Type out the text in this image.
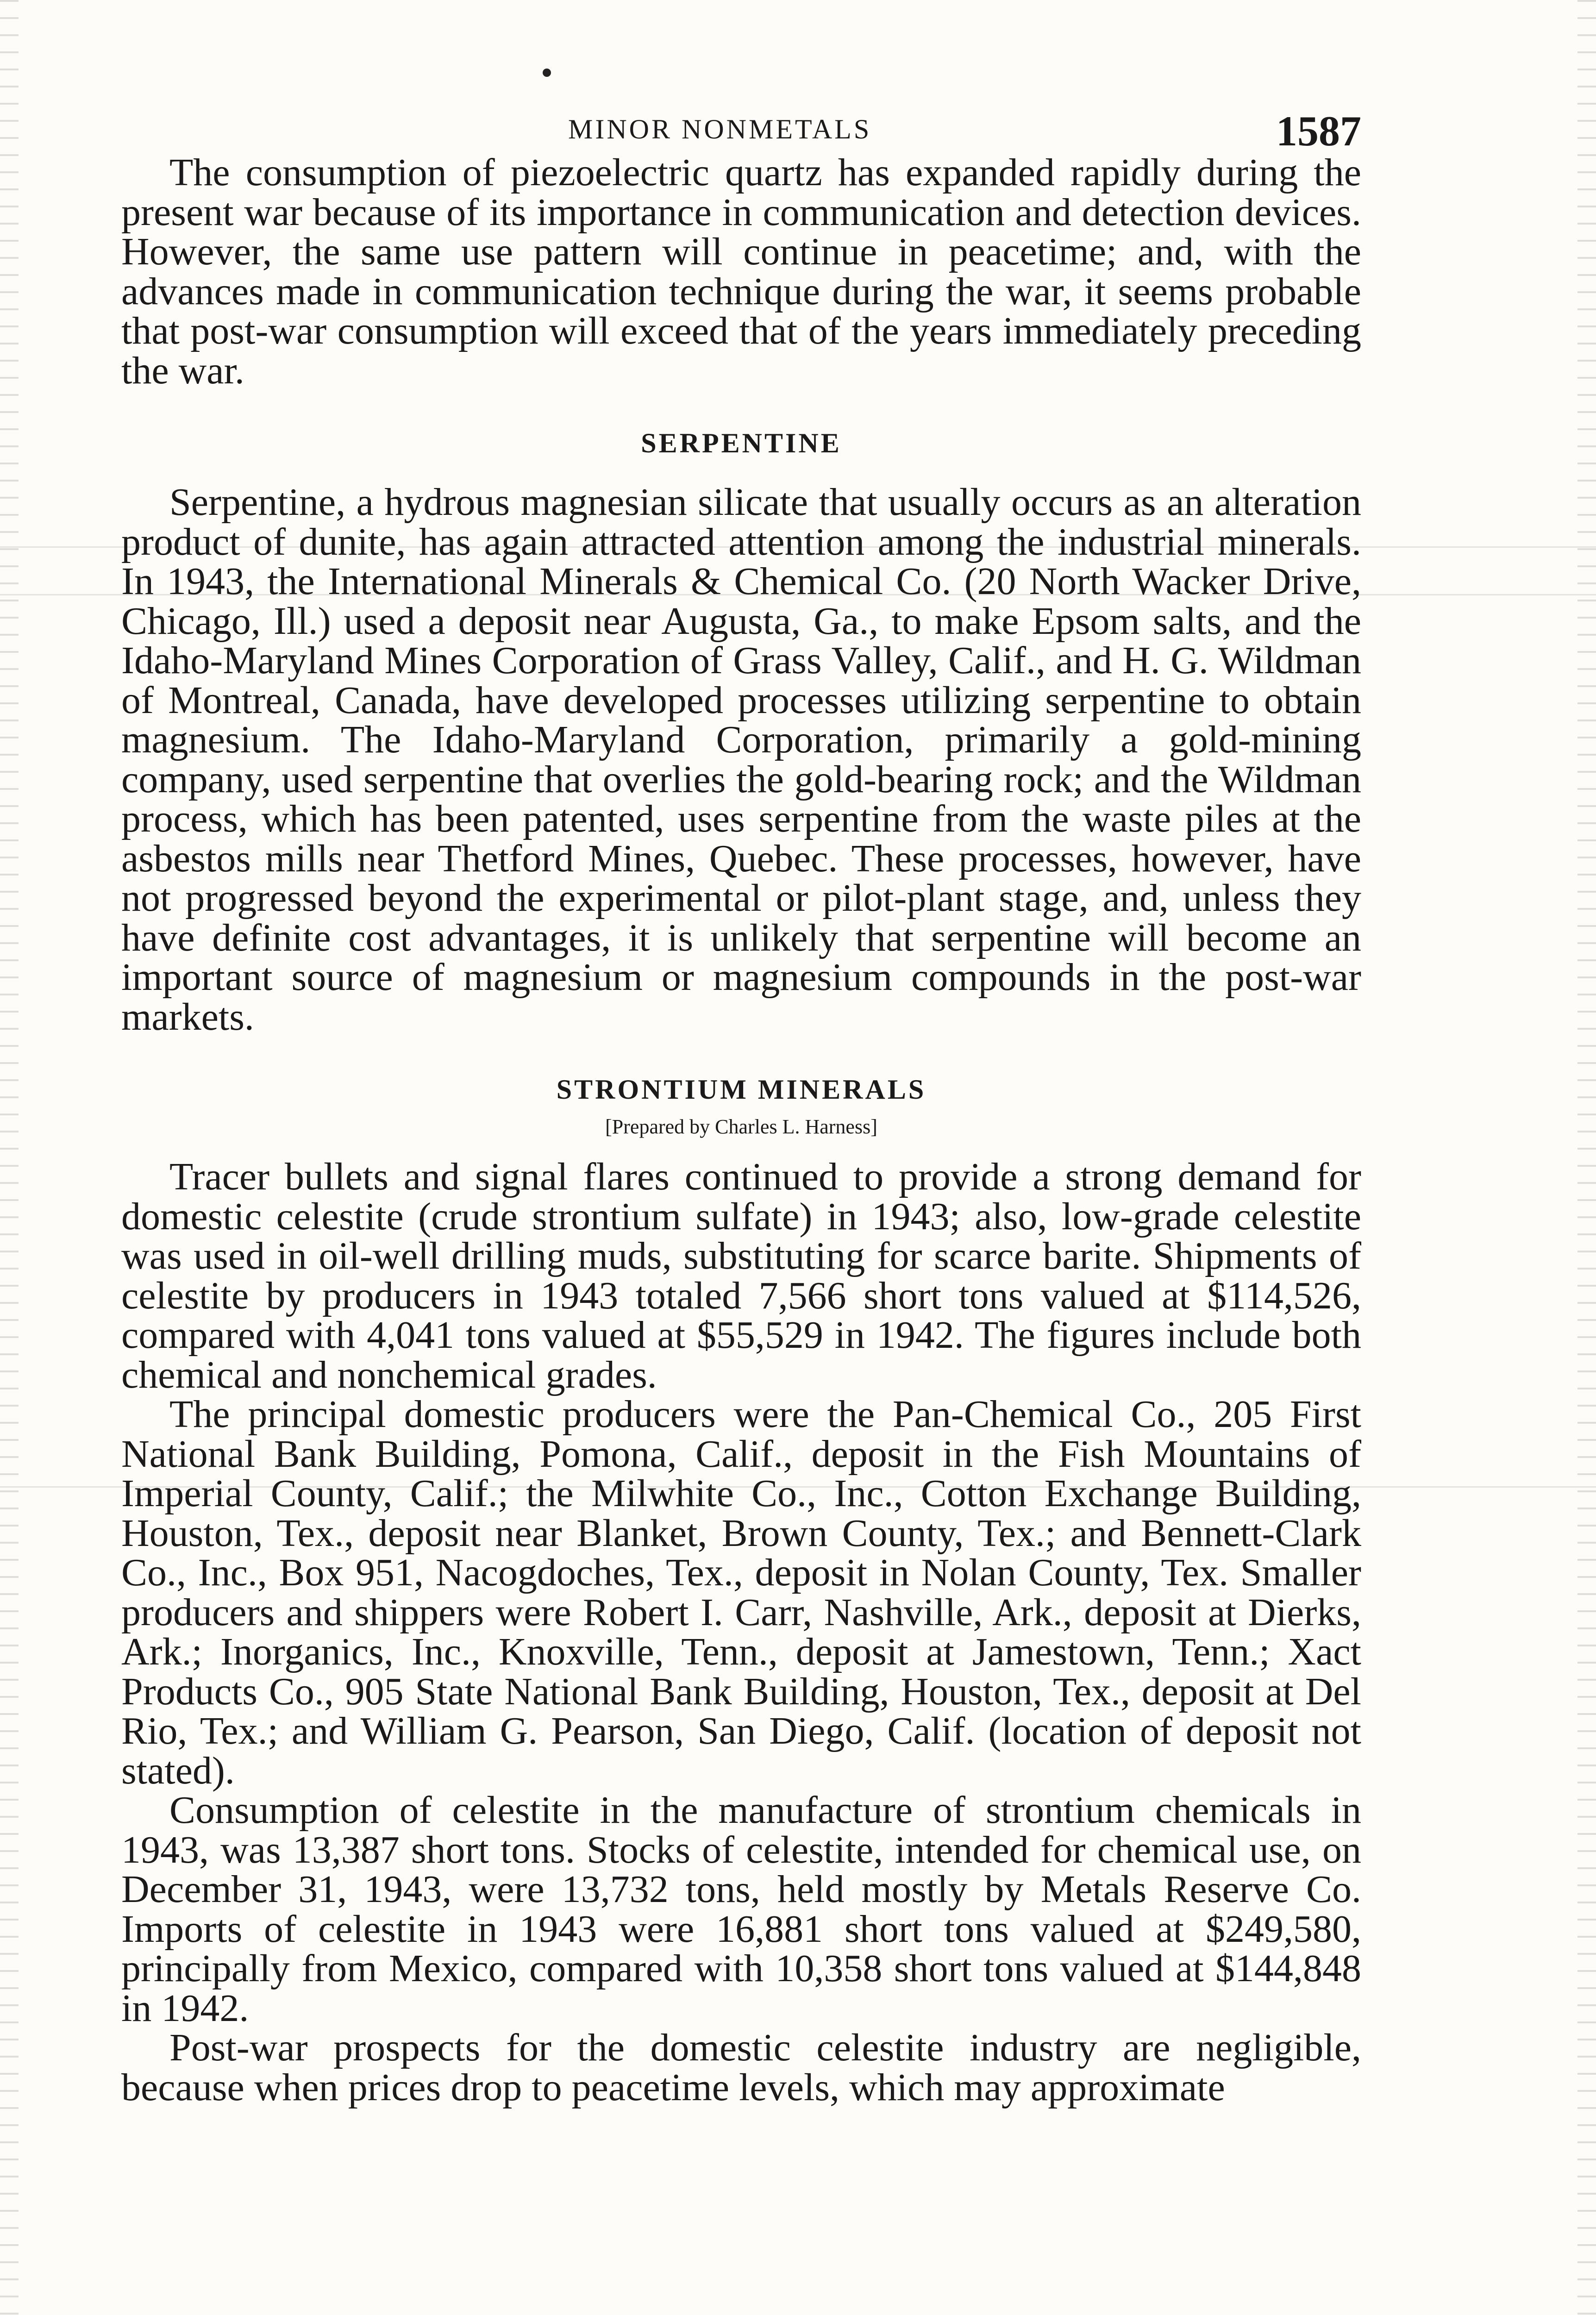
MINOR NONMETALS	1587

The consumption of piezoelectric quartz has expanded rapidly during the present war because of its importance in communication and detection devices. However, the same use pattern will continue in peacetime; and, with the advances made in communication technique during the war, it seems probable that post-war consumption will exceed that of the years immediately preceding the war.

SERPENTINE

Serpentine, a hydrous magnesian silicate that usually occurs as an alteration product of dunite, has again attracted attention among the industrial minerals. In 1943, the International Minerals & Chemical Co. (20 North Wacker Drive, Chicago, Ill.) used a deposit near Augusta, Ga., to make Epsom salts, and the Idaho-Maryland Mines Corporation of Grass Valley, Calif., and H. G. Wildman of Montreal, Canada, have developed processes utilizing serpentine to obtain magnesium. The Idaho-Maryland Corporation, primarily a gold-mining company, used serpentine that overlies the gold-bearing rock; and the Wildman process, which has been patented, uses serpentine from the waste piles at the asbestos mills near Thetford Mines, Quebec. These processes, however, have not progressed beyond the experimental or pilot-plant stage, and, unless they have definite cost advantages, it is unlikely that serpentine will become an important source of magnesium or magnesium compounds in the post-war markets.

STRONTIUM MINERALS
[Prepared by Charles L. Harness]

Tracer bullets and signal flares continued to provide a strong demand for domestic celestite (crude strontium sulfate) in 1943; also, low-grade celestite was used in oil-well drilling muds, substituting for scarce barite. Shipments of celestite by producers in 1943 totaled 7,566 short tons valued at $114,526, compared with 4,041 tons valued at $55,529 in 1942. The figures include both chemical and nonchemical grades.

The principal domestic producers were the Pan-Chemical Co., 205 First National Bank Building, Pomona, Calif., deposit in the Fish Mountains of Imperial County, Calif.; the Milwhite Co., Inc., Cotton Exchange Building, Houston, Tex., deposit near Blanket, Brown County, Tex.; and Bennett-Clark Co., Inc., Box 951, Nacogdoches, Tex., deposit in Nolan County, Tex. Smaller producers and shippers were Robert I. Carr, Nashville, Ark., deposit at Dierks, Ark.; Inorganics, Inc., Knoxville, Tenn., deposit at Jamestown, Tenn.; Xact Products Co., 905 State National Bank Building, Houston, Tex., deposit at Del Rio, Tex.; and William G. Pearson, San Diego, Calif. (location of deposit not stated).

Consumption of celestite in the manufacture of strontium chemicals in 1943, was 13,387 short tons. Stocks of celestite, intended for chemical use, on December 31, 1943, were 13,732 tons, held mostly by Metals Reserve Co. Imports of celestite in 1943 were 16,881 short tons valued at $249,580, principally from Mexico, compared with 10,358 short tons valued at $144,848 in 1942.

Post-war prospects for the domestic celestite industry are negligible, because when prices drop to peacetime levels, which may approximate
